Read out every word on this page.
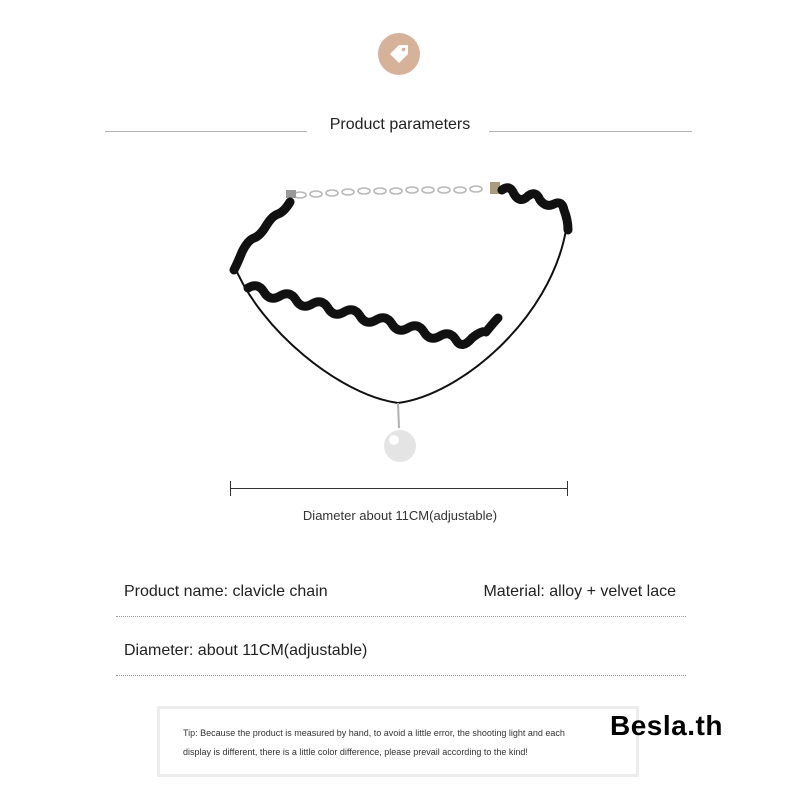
Product parameters
Diameter about 11CM(adjustable)
Product name: clavicle chain	Material: alloy + velvet lace
Diameter: about 11CM(adjustable)
Tip: Because the product is measured by hand, to avoid a little error, the shooting light and each
display is different, there is a little color difference, please prevail according to the kind!
Besla.th
